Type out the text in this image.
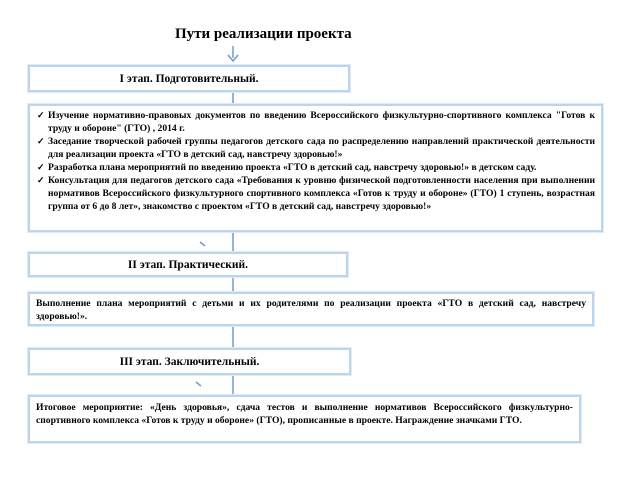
Пути реализации проекта
I этап. Подготовительный.
✓ Изучение нормативно-правовых документов по введению Всероссийского физкультурно-спортивного комплекса "Готов к труду и обороне" (ГТО) , 2014 г.
✓ Заседание творческой рабочей группы педагогов детского сада по распределению направлений практической деятельности для реализации проекта «ГТО в детский сад, навстречу здоровью!»
✓ Разработка плана мероприятий по введению проекта «ГТО в детский сад, навстречу здоровью!» в детском саду.
✓ Консультация для педагогов детского сада «Требования к уровню физической подготовленности населения при выполнении нормативов Всероссийского физкультурного спортивного комплекса «Готов к труду и обороне» (ГТО) 1 ступень, возрастная группа от 6 до 8 лет», знакомство с проектом «ГТО в детский сад, навстречу здоровью!»
II этап. Практический.
Выполнение плана мероприятий с детьми и их родителями по реализации проекта «ГТО в детский сад, навстречу здоровью!».
III этап. Заключительный.
Итоговое мероприятие: «День здоровья», сдача тестов и выполнение нормативов Всероссийского физкультурно-спортивного комплекса «Готов к труду и обороне» (ГТО), прописанные в проекте. Награждение значками ГТО.
